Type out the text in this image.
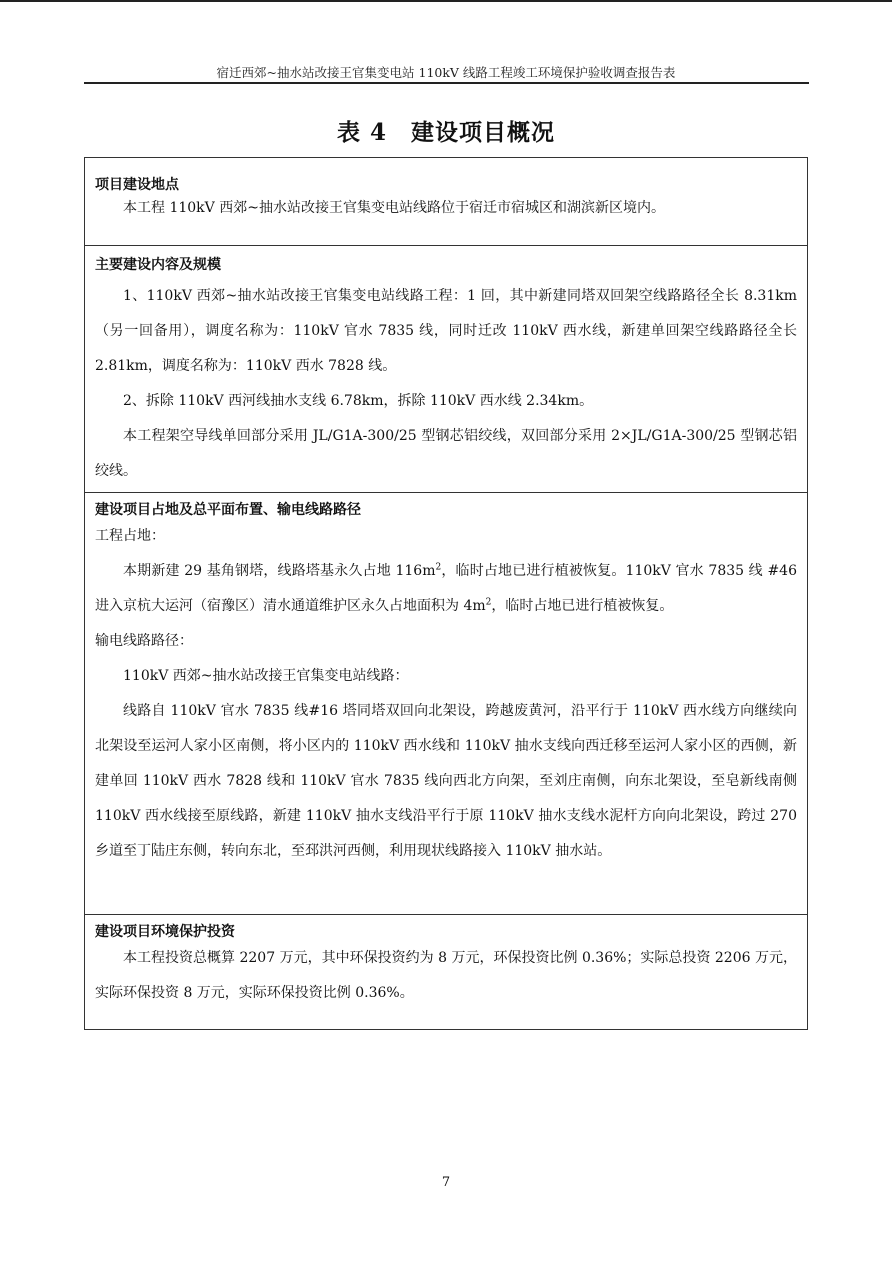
宿迁西郊~抽水站改接王官集变电站 110kV 线路工程竣工环境保护验收调查报告表
表 4　建设项目概况
项目建设地点
本工程 110kV 西郊~抽水站改接王官集变电站线路位于宿迁市宿城区和湖滨新区境内。
主要建设内容及规模
1、110kV 西郊~抽水站改接王官集变电站线路工程：1 回，其中新建同塔双回架空线路路径全长 8.31km（另一回备用），调度名称为：110kV 官水 7835 线，同时迁改 110kV 西水线，新建单回架空线路路径全长 2.81km，调度名称为：110kV 西水 7828 线。
2、拆除 110kV 西河线抽水支线 6.78km，拆除 110kV 西水线 2.34km。
本工程架空导线单回部分采用 JL/G1A-300/25 型钢芯铝绞线，双回部分采用 2×JL/G1A-300/25 型钢芯铝绞线。
建设项目占地及总平面布置、输电线路路径
工程占地：
本期新建 29 基角钢塔，线路塔基永久占地 $116m^2$，临时占地已进行植被恢复。110kV 官水 7835 线 #46 进入京杭大运河（宿豫区）清水通道维护区永久占地面积为 $4m^2$，临时占地已进行植被恢复。
输电线路路径：
110kV 西郊~抽水站改接王官集变电站线路：
线路自 110kV 官水 7835 线#16 塔同塔双回向北架设，跨越废黄河，沿平行于 110kV 西水线方向继续向北架设至运河人家小区南侧，将小区内的 110kV 西水线和 110kV 抽水支线向西迁移至运河人家小区的西侧，新建单回 110kV 西水 7828 线和 110kV 官水 7835 线向西北方向架，至刘庄南侧，向东北架设，至皂新线南侧 110kV 西水线接至原线路，新建 110kV 抽水支线沿平行于原 110kV 抽水支线水泥杆方向向北架设，跨过 270 乡道至丁陆庄东侧，转向东北，至邳洪河西侧，利用现状线路接入 110kV 抽水站。
建设项目环境保护投资
本工程投资总概算 2207 万元，其中环保投资约为 8 万元，环保投资比例 0.36%；实际总投资 2206 万元，实际环保投资 8 万元，实际环保投资比例 0.36%。
7
